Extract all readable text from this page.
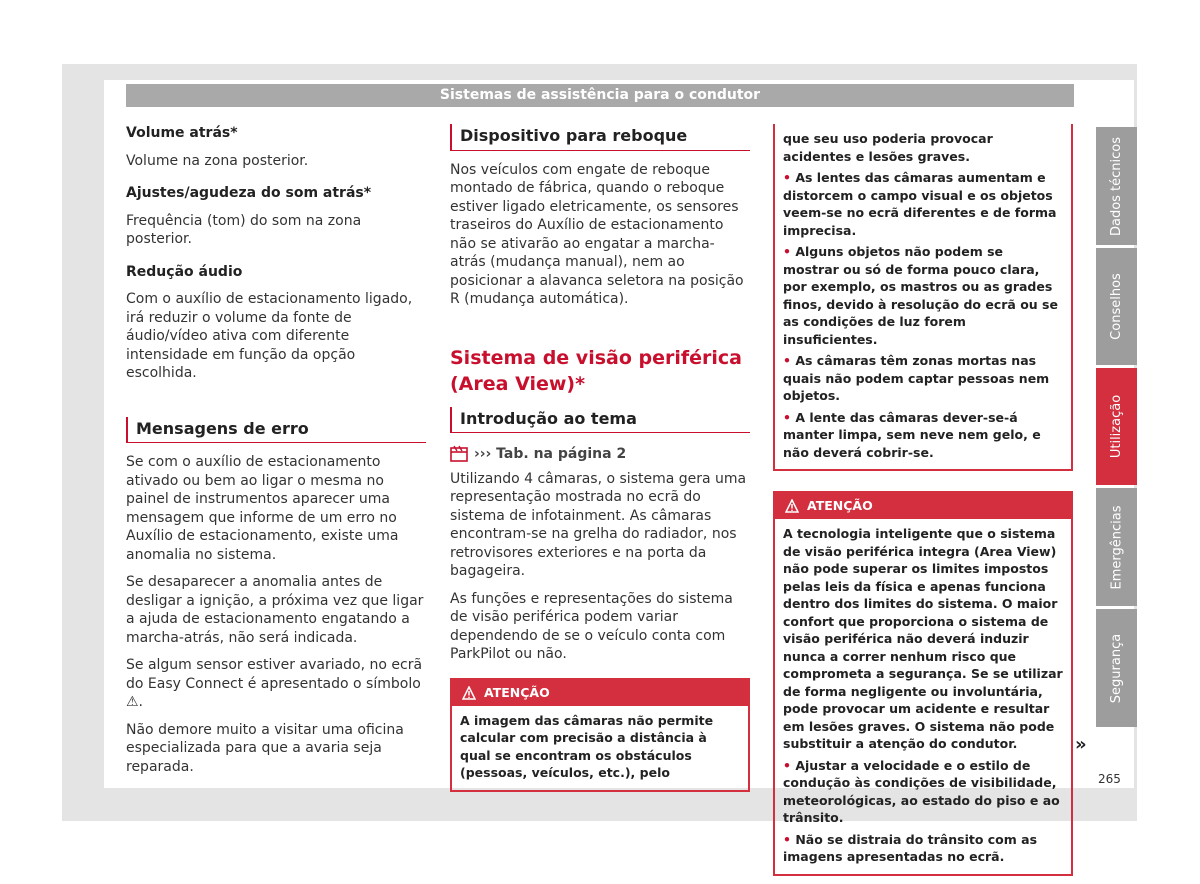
Sistemas de assistência para o condutor

Volume atrás*

Volume na zona posterior.

Ajustes/agudeza do som atrás*

Frequência (tom) do som na zona posterior.

Redução áudio

Com o auxílio de estacionamento ligado, irá reduzir o volume da fonte de áudio/vídeo ativa com diferente intensidade em função da opção escolhida.

Mensagens de erro

Se com o auxílio de estacionamento ativado ou bem ao ligar o mesma no painel de instrumentos aparecer uma mensagem que informe de um erro no Auxílio de estacionamento, existe uma anomalia no sistema.

Se desaparecer a anomalia antes de desligar a ignição, a próxima vez que ligar a ajuda de estacionamento engatando a marcha-atrás, não será indicada.

Se algum sensor estiver avariado, no ecrã do Easy Connect é apresentado o símbolo ⚠.

Não demore muito a visitar uma oficina especializada para que a avaria seja reparada.

Dispositivo para reboque

Nos veículos com engate de reboque montado de fábrica, quando o reboque estiver ligado eletricamente, os sensores traseiros do Auxílio de estacionamento não se ativarão ao engatar a marcha-atrás (mudança manual), nem ao posicionar a alavanca seletora na posição R (mudança automática).

Sistema de visão periférica (Area View)*
Introdução ao tema
››› Tab. na página 2

Utilizando 4 câmaras, o sistema gera uma representação mostrada no ecrã do sistema de infotainment. As câmaras encontram-se na grelha do radiador, nos retrovisores exteriores e na porta da bagageira.

As funções e representações do sistema de visão periférica podem variar dependendo de se o veículo conta com ParkPilot ou não.

ATENÇÃO

A imagem das câmaras não permite calcular com precisão a distância à qual se encontram os obstáculos (pessoas, veículos, etc.), pelo

que seu uso poderia provocar acidentes e lesões graves.

• As lentes das câmaras aumentam e distorcem o campo visual e os objetos veem-se no ecrã diferentes e de forma imprecisa.

• Alguns objetos não podem se mostrar ou só de forma pouco clara, por exemplo, os mastros ou as grades finos, devido à resolução do ecrã ou se as condições de luz forem insuficientes.

• As câmaras têm zonas mortas nas quais não podem captar pessoas nem objetos.

• A lente das câmaras dever-se-á manter limpa, sem neve nem gelo, e não deverá cobrir-se.

ATENÇÃO

A tecnologia inteligente que o sistema de visão periférica integra (Area View) não pode superar os limites impostos pelas leis da física e apenas funciona dentro dos limites do sistema. O maior confort que proporciona o sistema de visão periférica não deverá induzir nunca a correr nenhum risco que comprometa a segurança. Se se utilizar de forma negligente ou involuntária, pode provocar um acidente e resultar em lesões graves. O sistema não pode substituir a atenção do condutor.

• Ajustar a velocidade e o estilo de condução às condições de visibilidade, meteorológicas, ao estado do piso e ao trânsito.

• Não se distraia do trânsito com as imagens apresentadas no ecrã.

Dados técnicos
Conselhos
Utilização
Emergências
Segurança
»
265
